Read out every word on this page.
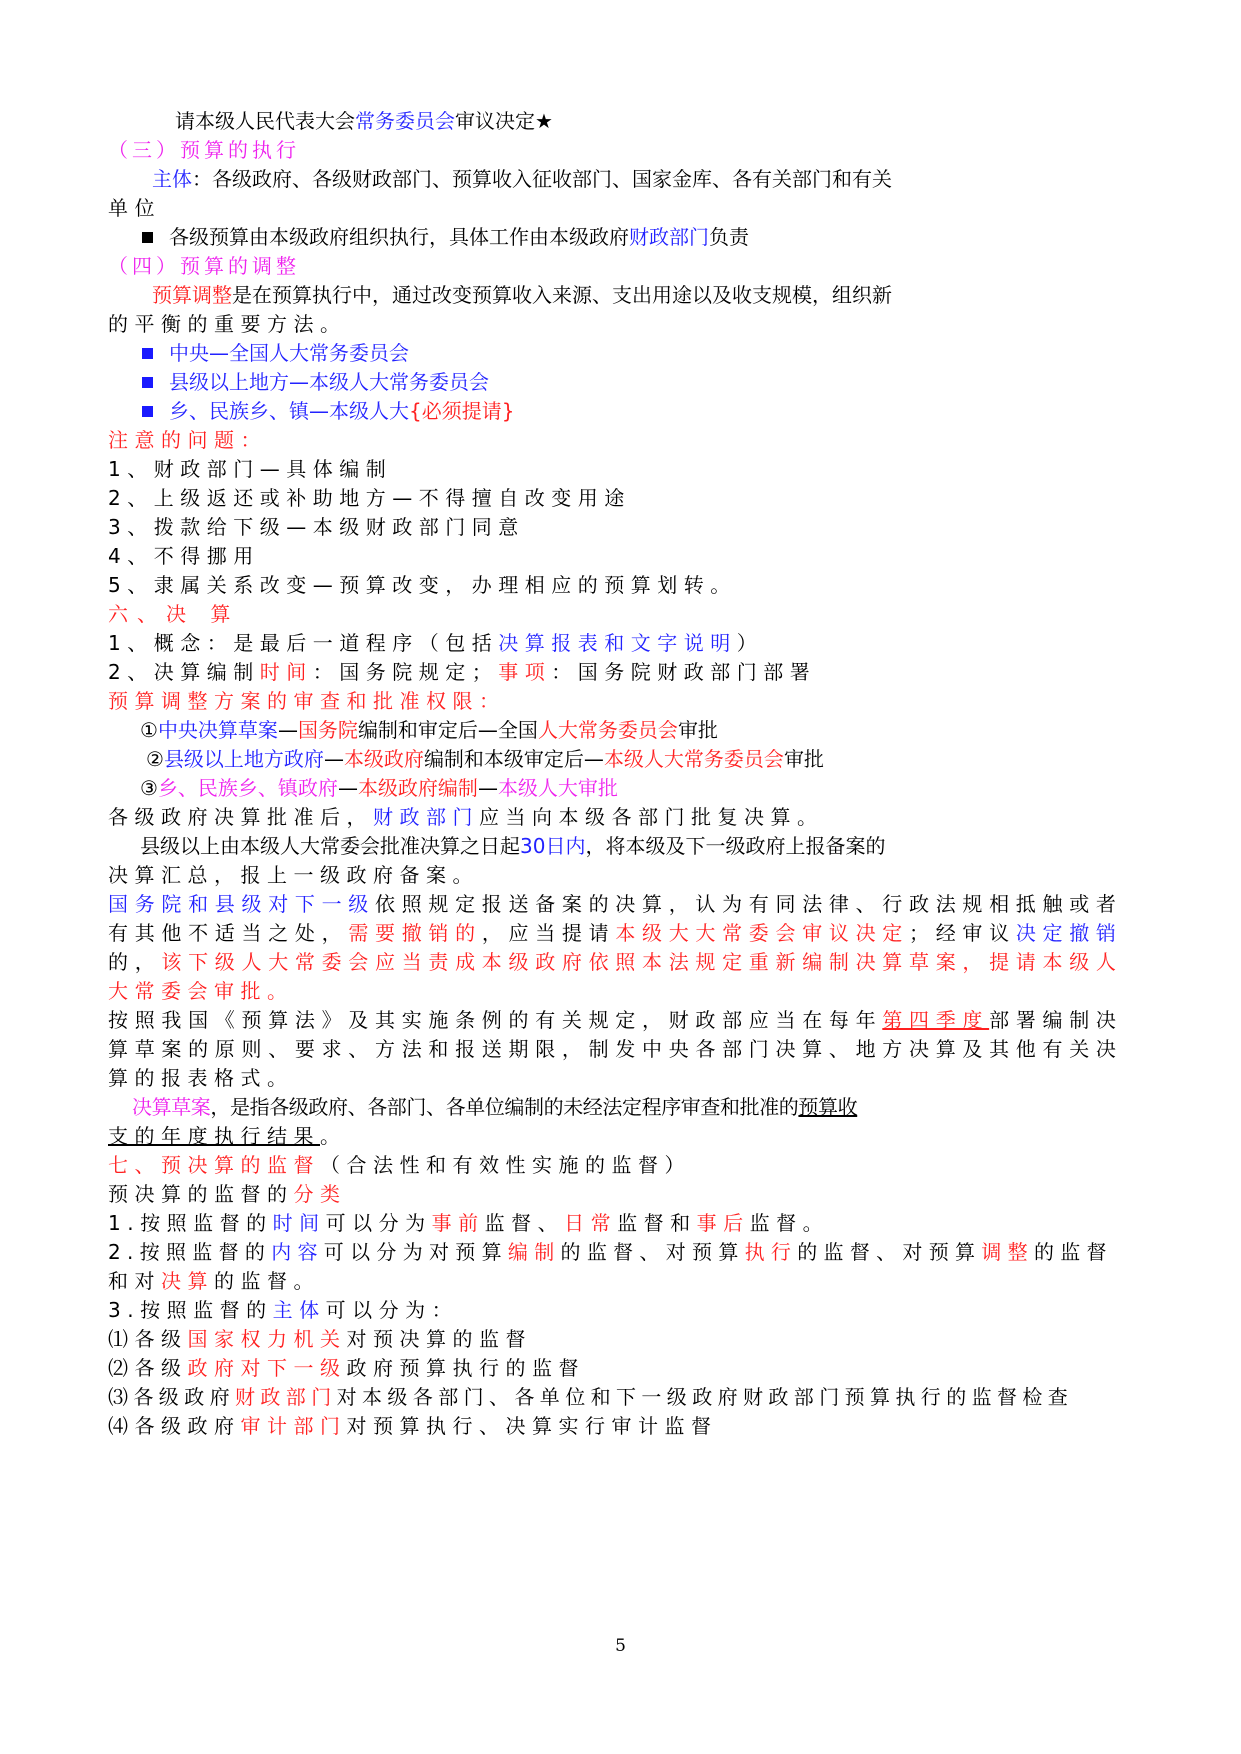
请本级人民代表大会常务委员会审议决定★
（三）预算的执行
主体：各级政府、各级财政部门、预算收入征收部门、国家金库、各有关部门和有关
单位
各级预算由本级政府组织执行，具体工作由本级政府财政部门负责
（四）预算的调整
预算调整是在预算执行中，通过改变预算收入来源、支出用途以及收支规模，组织新
的平衡的重要方法。
中央—全国人大常务委员会
县级以上地方—本级人大常务委员会
乡、民族乡、镇—本级人大{必须提请}
注意的问题：
1、财政部门—具体编制
2、上级返还或补助地方—不得擅自改变用途
3、拨款给下级—本级财政部门同意
4、不得挪用
5、隶属关系改变—预算改变，办理相应的预算划转。
六、决 算
1、概念：是最后一道程序（包括决算报表和文字说明）
2、决算编制时间：国务院规定；事项：国务院财政部门部署
预算调整方案的审查和批准权限：
①中央决算草案—国务院编制和审定后—全国人大常务委员会审批
②县级以上地方政府—本级政府编制和本级审定后—本级人大常务委员会审批
③乡、民族乡、镇政府—本级政府编制—本级人大审批
各级政府决算批准后，财政部门应当向本级各部门批复决算。
县级以上由本级人大常委会批准决算之日起30日内，将本级及下一级政府上报备案的
决算汇总，报上一级政府备案。
国务院和县级对下一级依照规定报送备案的决算，认为有同法律、行政法规相抵触或者
有其他不适当之处，需要撤销的，应当提请本级大大常委会审议决定；经审议决定撤销
的，该下级人大常委会应当责成本级政府依照本法规定重新编制决算草案，提请本级人
大常委会审批。
按照我国《预算法》及其实施条例的有关规定，财政部应当在每年第四季度部署编制决
算草案的原则、要求、方法和报送期限，制发中央各部门决算、地方决算及其他有关决
算的报表格式。
决算草案，是指各级政府、各部门、各单位编制的未经法定程序审查和批准的预算收
支的年度执行结果。
七、预决算的监督（合法性和有效性实施的监督）
预决算的监督的分类
1.按照监督的时间可以分为事前监督、日常监督和事后监督。
2.按照监督的内容可以分为对预算编制的监督、对预算执行的监督、对预算调整的监督
和对决算的监督。
3.按照监督的主体可以分为：
⑴各级国家权力机关对预决算的监督
⑵各级政府对下一级政府预算执行的监督
⑶各级政府财政部门对本级各部门、各单位和下一级政府财政部门预算执行的监督检查
⑷各级政府审计部门对预算执行、决算实行审计监督
5
